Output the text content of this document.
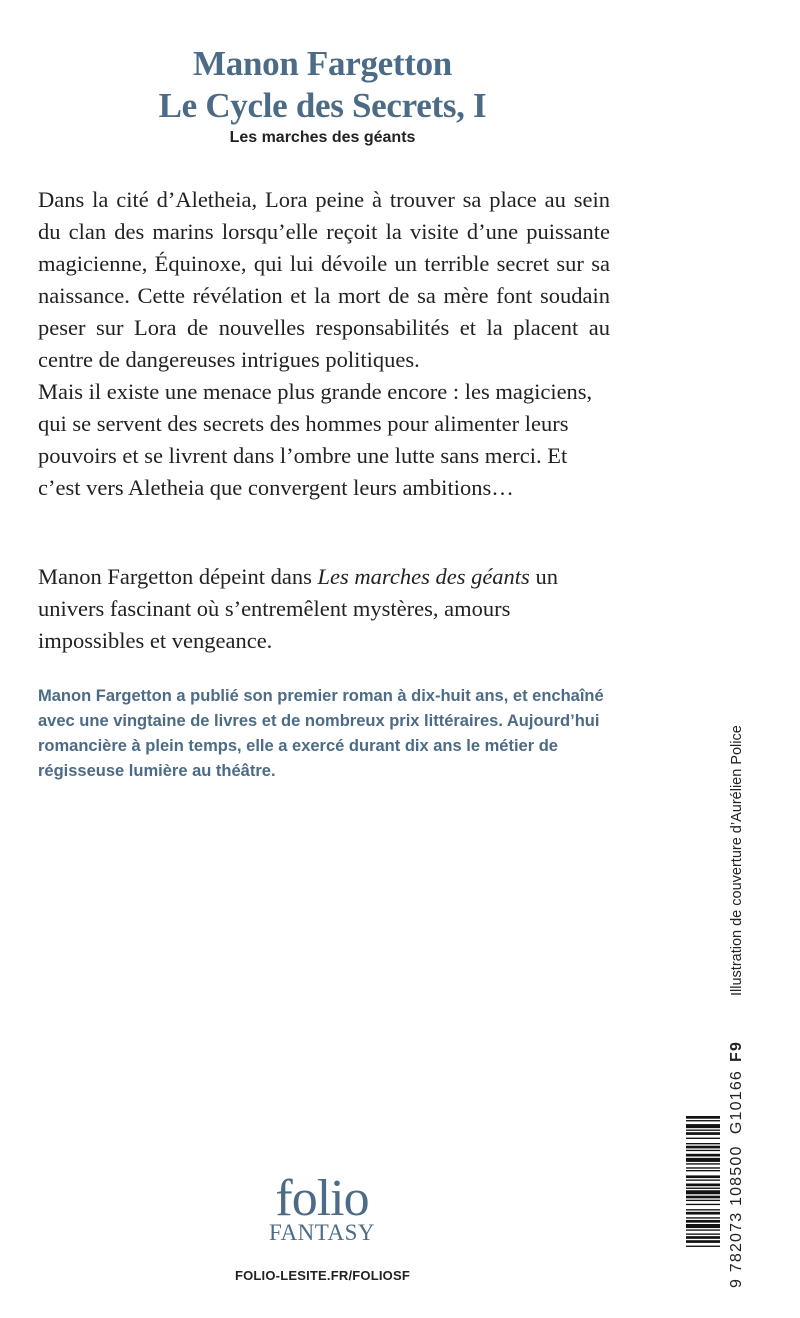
Manon Fargetton
Le Cycle des Secrets, I
Les marches des géants

Dans la cité d’Aletheia, Lora peine à trouver sa place au sein du clan des marins lorsqu’elle reçoit la visite d’une puissante magicienne, Équinoxe, qui lui dévoile un terrible secret sur sa naissance. Cette révélation et la mort de sa mère font soudain peser sur Lora de nouvelles responsabilités et la placent au centre de dangereuses intrigues politiques.

Mais il existe une menace plus grande encore : les magiciens, qui se servent des secrets des hommes pour alimenter leurs pouvoirs et se livrent dans l’ombre une lutte sans merci. Et c’est vers Aletheia que convergent leurs ambitions…

Manon Fargetton dépeint dans Les marches des géants un univers fascinant où s’entremêlent mystères, amours impossibles et vengeance.

Manon Fargetton a publié son premier roman à dix-huit ans, et enchaîné avec une vingtaine de livres et de nombreux prix littéraires. Aujourd’hui romancière à plein temps, elle a exercé durant dix ans le métier de régisseuse lumière au théâtre.	Illustration de couverture d’Aurélien Police
9 782073 108500  G10166F9
folio
FANTASY
FOLIO-LESITE.FR/FOLIOSF
